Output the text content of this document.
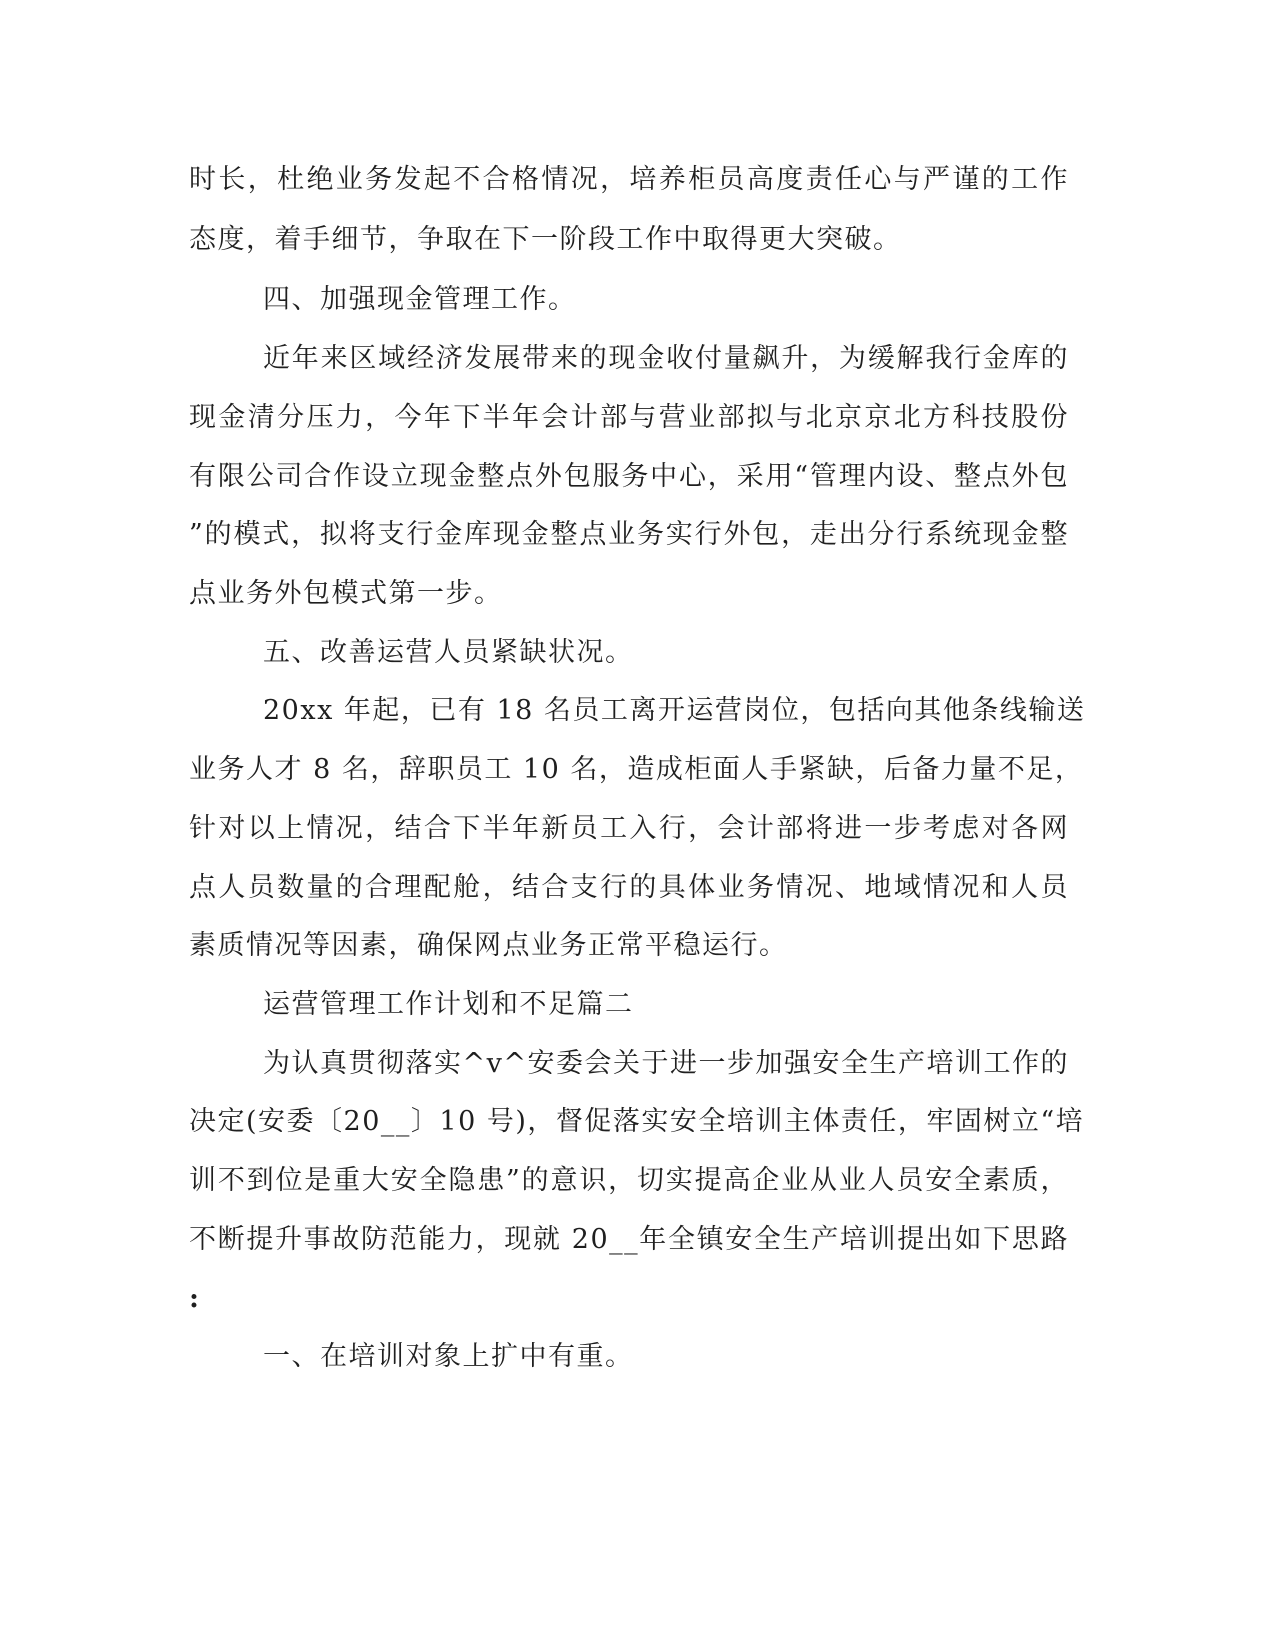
时长，杜绝业务发起不合格情况，培养柜员高度责任心与严谨的工作
态度，着手细节，争取在下一阶段工作中取得更大突破。
四、加强现金管理工作。
近年来区域经济发展带来的现金收付量飙升，为缓解我行金库的
现金清分压力，今年下半年会计部与营业部拟与北京京北方科技股份
有限公司合作设立现金整点外包服务中心，采用“管理内设、整点外包
”的模式，拟将支行金库现金整点业务实行外包，走出分行系统现金整
点业务外包模式第一步。
五、改善运营人员紧缺状况。
20xx 年起，已有 18 名员工离开运营岗位，包括向其他条线输送
业务人才 8 名，辞职员工 10 名，造成柜面人手紧缺，后备力量不足，
针对以上情况，结合下半年新员工入行，会计部将进一步考虑对各网
点人员数量的合理配舱，结合支行的具体业务情况、地域情况和人员
素质情况等因素，确保网点业务正常平稳运行。
运营管理工作计划和不足篇二
为认真贯彻落实^v^安委会关于进一步加强安全生产培训工作的
决定(安委〔20__〕10 号)，督促落实安全培训主体责任，牢固树立“培
训不到位是重大安全隐患”的意识，切实提高企业从业人员安全素质，
不断提升事故防范能力，现就 20__年全镇安全生产培训提出如下思路
:
一、在培训对象上扩中有重。
